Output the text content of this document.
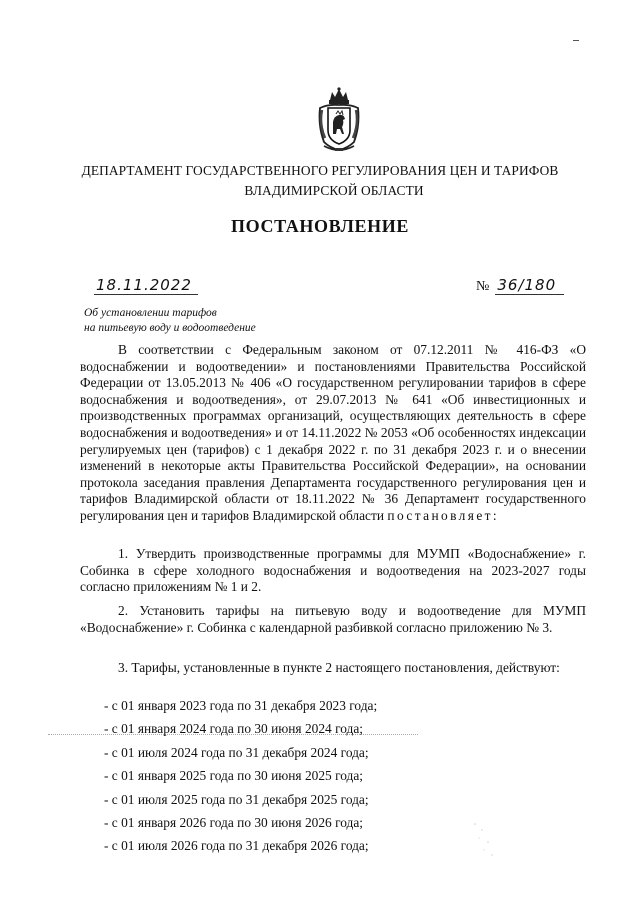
ДЕПАРТАМЕНТ ГОСУДАРСТВЕННОГО РЕГУЛИРОВАНИЯ ЦЕН И ТАРИФОВ
ВЛАДИМИРСКОЙ ОБЛАСТИ
ПОСТАНОВЛЕНИЕ
18.11.2022	№ 36/180
Об установлении тарифов
на питьевую воду и водоотведение
В соответствии с Федеральным законом от 07.12.2011 № 416-ФЗ «О водоснабжении и водоотведении» и постановлениями Правительства Российской Федерации от 13.05.2013 № 406 «О государственном регулировании тарифов в сфере водоснабжения и водоотведения», от 29.07.2013 № 641 «Об инвестиционных и производственных программах организаций, осуществляющих деятельность в сфере водоснабжения и водоотведения» и от 14.11.2022 № 2053 «Об особенностях индексации регулируемых цен (тарифов) с 1 декабря 2022 г. по 31 декабря 2023 г. и о внесении изменений в некоторые акты Правительства Российской Федерации», на основании протокола заседания правления Департамента государственного регулирования цен и тарифов Владимирской области от 18.11.2022 № 36 Департамент государственного регулирования цен и тарифов Владимирской области постановляет:
1. Утвердить производственные программы для МУМП «Водоснабжение» г. Собинка в сфере холодного водоснабжения и водоотведения на 2023-2027 годы согласно приложениям № 1 и 2.
2. Установить тарифы на питьевую воду и водоотведение для МУМП «Водоснабжение» г. Собинка с календарной разбивкой согласно приложению № 3.
3. Тарифы, установленные в пункте 2 настоящего постановления, действуют:
- с 01 января 2023 года по 31 декабря 2023 года;
- с 01 января 2024 года по 30 июня 2024 года;
- с 01 июля 2024 года по 31 декабря 2024 года;
- с 01 января 2025 года по 30 июня 2025 года;
- с 01 июля 2025 года по 31 декабря 2025 года;
- с 01 января 2026 года по 30 июня 2026 года;
- с 01 июля 2026 года по 31 декабря 2026 года;
